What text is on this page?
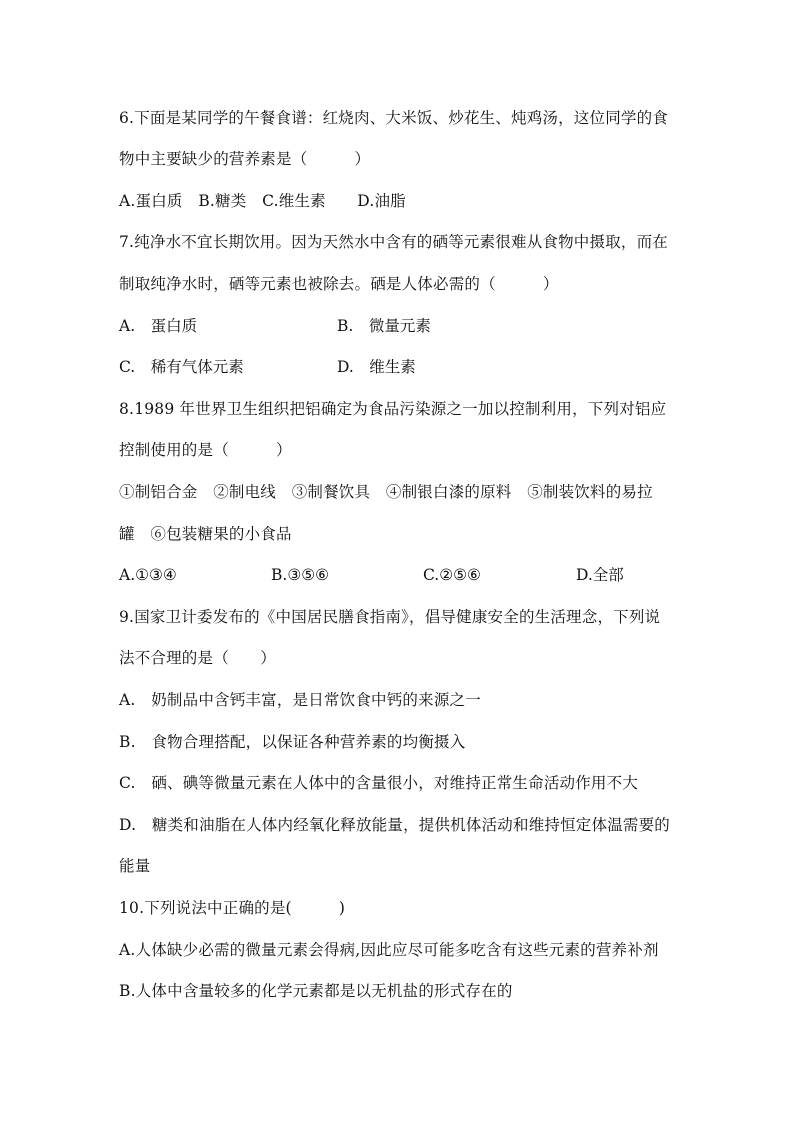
6.下面是某同学的午餐食谱：红烧肉、大米饭、炒花生、炖鸡汤，这位同学的食
物中主要缺少的营养素是（　　　）
A.蛋白质　B.糖类　C.维生素　　D.油脂
7.纯净水不宜长期饮用。因为天然水中含有的硒等元素很难从食物中摄取，而在
制取纯净水时，硒等元素也被除去。硒是人体必需的（　　　）
A.　蛋白质	B.　微量元素
C.　稀有气体元素	D.　维生素
8.1989 年世界卫生组织把铝确定为食品污染源之一加以控制利用，下列对铝应
控制使用的是（　　　）
①制铝合金　②制电线　③制餐饮具　④制银白漆的原料　⑤制装饮料的易拉
罐　⑥包装糖果的小食品
A.①③④	B.③⑤⑥	C.②⑤⑥	D.全部
9.国家卫计委发布的《中国居民膳食指南》，倡导健康安全的生活理念，下列说
法不合理的是（　　）
A.　奶制品中含钙丰富，是日常饮食中钙的来源之一
B.　食物合理搭配，以保证各种营养素的均衡摄入
C.　硒、碘等微量元素在人体中的含量很小，对维持正常生命活动作用不大
D.　糖类和油脂在人体内经氧化释放能量，提供机体活动和维持恒定体温需要的
能量
10.下列说法中正确的是(　　　)
A.人体缺少必需的微量元素会得病,因此应尽可能多吃含有这些元素的营养补剂
B.人体中含量较多的化学元素都是以无机盐的形式存在的
